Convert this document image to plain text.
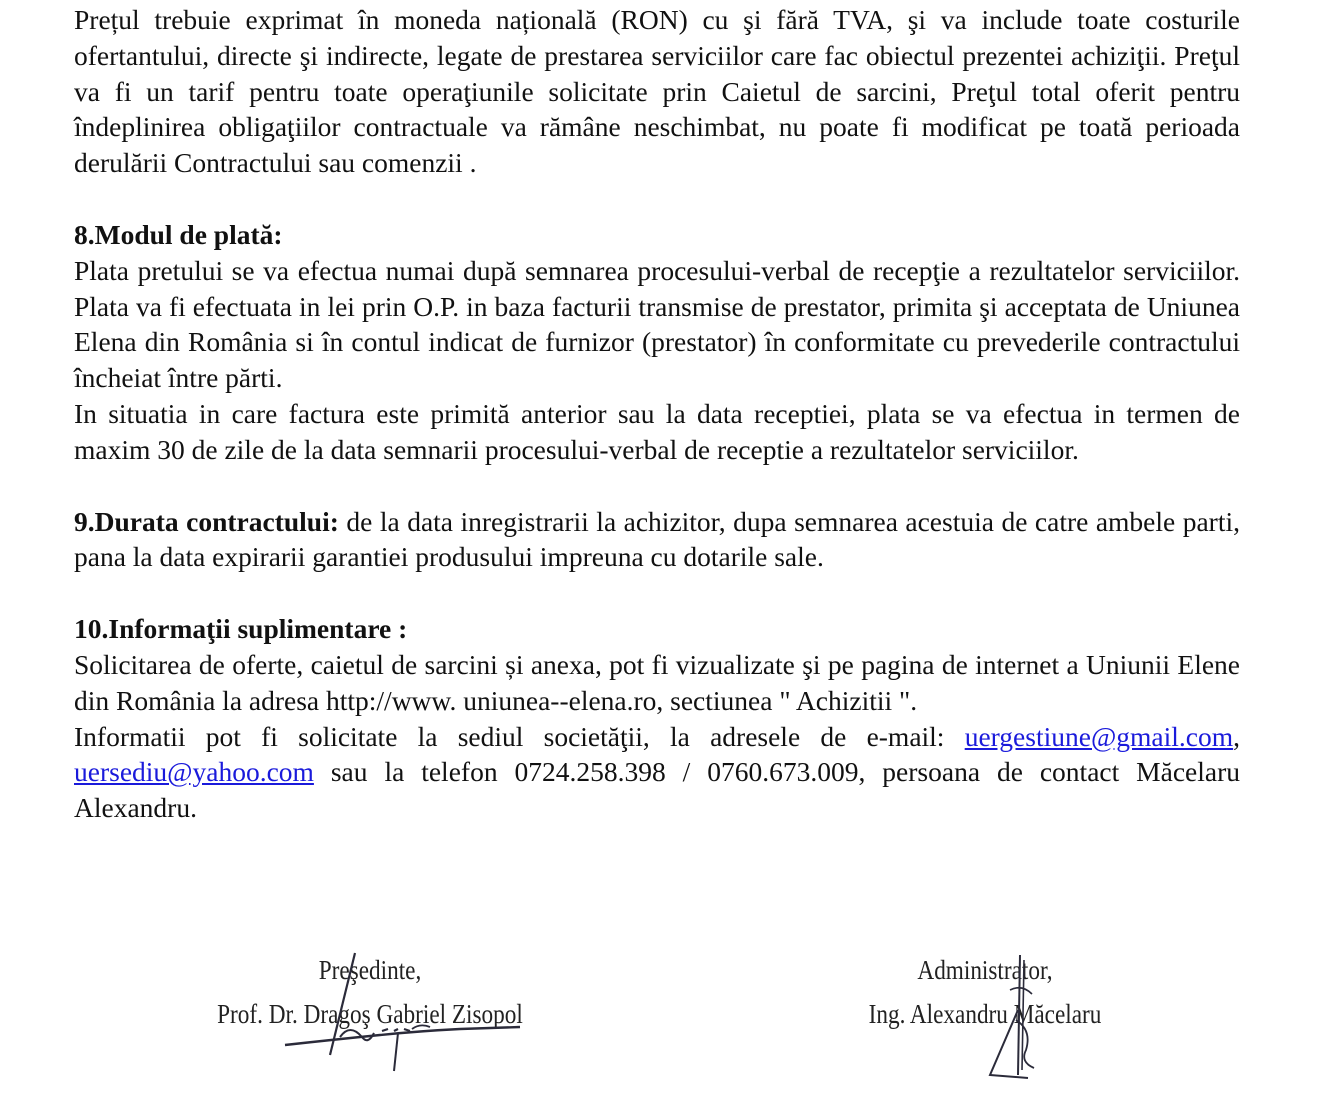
Prețul trebuie exprimat în moneda națională (RON) cu şi fără TVA, şi va include toate costurile ofertantului, directe şi indirecte, legate de prestarea serviciilor care fac obiectul prezentei achiziţii. Preţul va fi un tarif pentru toate operaţiunile solicitate prin Caietul de sarcini, Preţul total oferit pentru îndeplinirea obligaţiilor contractuale va rămâne neschimbat, nu poate fi modificat pe toată perioada derulării Contractului sau comenzii .

8.Modul de plată:

Plata pretului se va efectua numai după semnarea procesului-verbal de recepţie a rezultatelor serviciilor. Plata va fi efectuata in lei prin O.P. in baza facturii transmise de prestator, primita şi acceptata de Uniunea Elena din România si în contul indicat de furnizor (prestator) în conformitate cu prevederile contractului încheiat între părti.

In situatia in care factura este primită anterior sau la data receptiei, plata se va efectua in termen de maxim 30 de zile de la data semnarii procesului-verbal de receptie a rezultatelor serviciilor.

9.Durata contractului: de la data inregistrarii la achizitor, dupa semnarea acestuia de catre ambele parti, pana la data expirarii garantiei produsului impreuna cu dotarile sale.

10.Informaţii suplimentare :

Solicitarea de oferte, caietul de sarcini și anexa, pot fi vizualizate şi pe pagina de internet a Uniunii Elene din România la adresa http://www. uniunea--elena.ro, sectiunea " Achizitii ".

Informatii pot fi solicitate la sediul societăţii, la adresele de e-mail: uergestiune@gmail.com, uersediu@yahoo.com sau la telefon 0724.258.398 / 0760.673.009, persoana de contact Măcelaru Alexandru.

Preşedinte,
Prof. Dr. Dragoş Gabriel Zisopol
Administrator,
Ing. Alexandru Măcelaru
